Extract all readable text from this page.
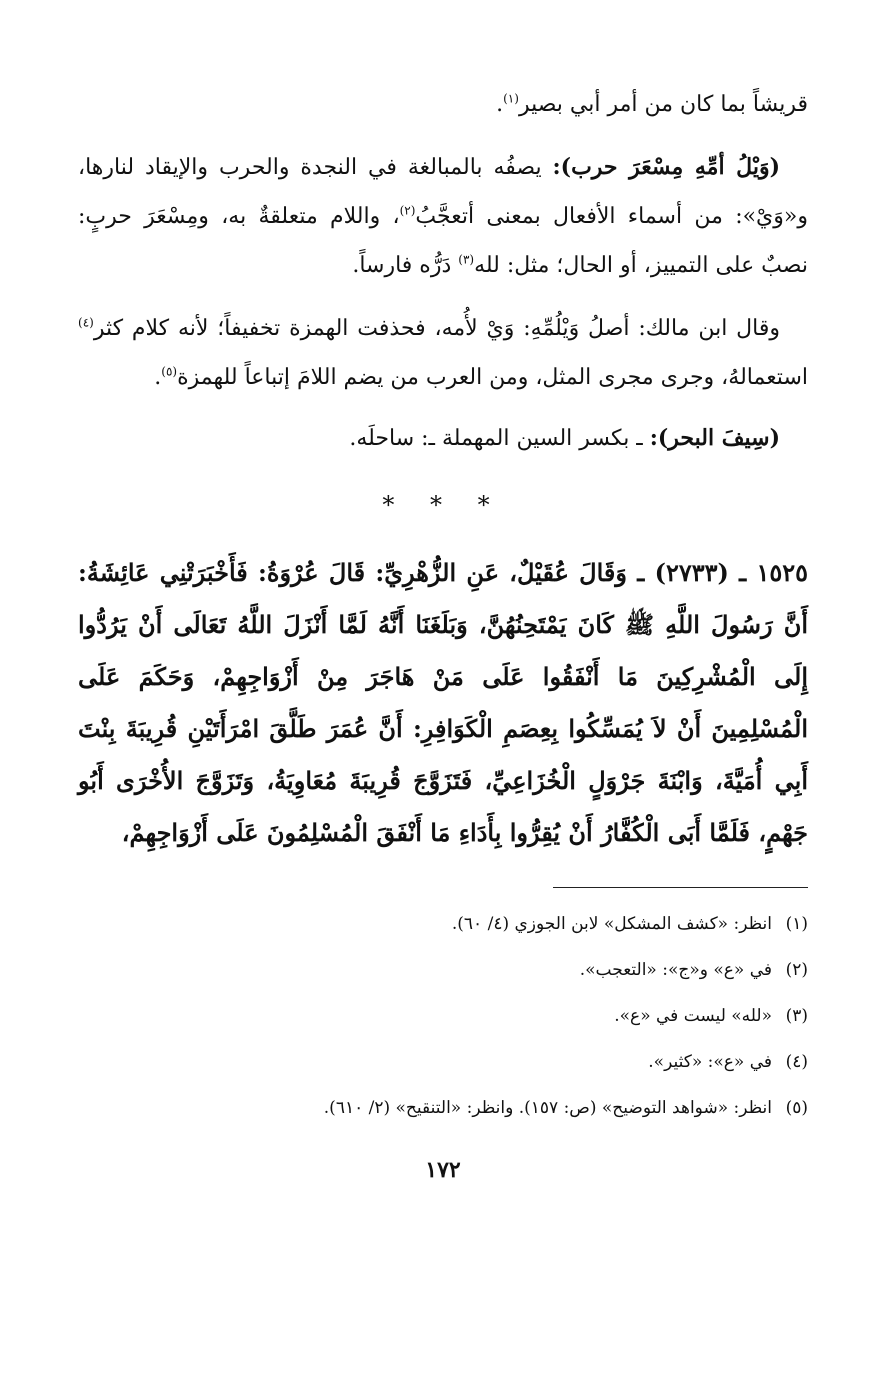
قريشاً بما كان من أمر أبي بصير$^{(١)}$.

(وَيْلُ أمِّهِ مِسْعَرَ حرب): يصفُه بالمبالغة في النجدة والحرب والإيقاد لنارها، و«وَيْ»: من أسماء الأفعال بمعنى أتعجَّبُ$^{(٢)}$، واللام متعلقةٌ به، ومِسْعَرَ حربٍ: نصبٌ على التمييز، أو الحال؛ مثل: لله$^{(٣)}$ دَرُّه فارساً.

وقال ابن مالك: أصلُ وَيْلُمِّهِ: وَيْ لأُمه، فحذفت الهمزة تخفيفاً؛ لأنه كلام كثر$^{(٤)}$ استعمالهُ، وجرى مجرى المثل، ومن العرب من يضم اللامَ إتباعاً للهمزة$^{(٥)}$.

(سِيفَ البحر): ـ بكسر السين المهملة ـ: ساحلَه.

* * *

١٥٢٥ ـ (٢٧٣٣) ـ وَقَالَ عُقَيْلٌ، عَنِ الزُّهْرِيِّ: قَالَ عُرْوَةُ: فَأَخْبَرَتْنِي عَائِشَةُ: أَنَّ رَسُولَ اللَّهِ ﷺ كَانَ يَمْتَحِنُهُنَّ، وَبَلَغَنَا أَنَّهُ لَمَّا أَنْزَلَ اللَّهُ تَعَالَى أَنْ يَرُدُّوا إِلَى الْمُشْرِكِينَ مَا أَنْفَقُوا عَلَى مَنْ هَاجَرَ مِنْ أَزْوَاجِهِمْ، وَحَكَمَ عَلَى الْمُسْلِمِينَ أَنْ لاَ يُمَسِّكُوا بِعِصَمِ الْكَوَافِرِ: أَنَّ عُمَرَ طَلَّقَ امْرَأَتَيْنِ قُرِيبَةَ بِنْتَ أَبِي أُمَيَّةَ، وَابْنَةَ جَرْوَلٍ الْخُزَاعِيِّ، فَتَزَوَّجَ قُرِيبَةَ مُعَاوِيَةُ، وَتَزَوَّجَ الأُخْرَى أَبُو جَهْمٍ، فَلَمَّا أَبَى الْكُفَّارُ أَنْ يُقِرُّوا بِأَدَاءِ مَا أَنْفَقَ الْمُسْلِمُونَ عَلَى أَزْوَاجِهِمْ،

(١)
انظر: «كشف المشكل» لابن الجوزي (٤/ ٦٠).
(٢)
في «ع» و«ج»: «التعجب».
(٣)
«لله» ليست في «ع».
(٤)
في «ع»: «كثير».
(٥)
انظر: «شواهد التوضيح» (ص: ١٥٧). وانظر: «التنقيح» (٢/ ٦١٠).
١٧٢
